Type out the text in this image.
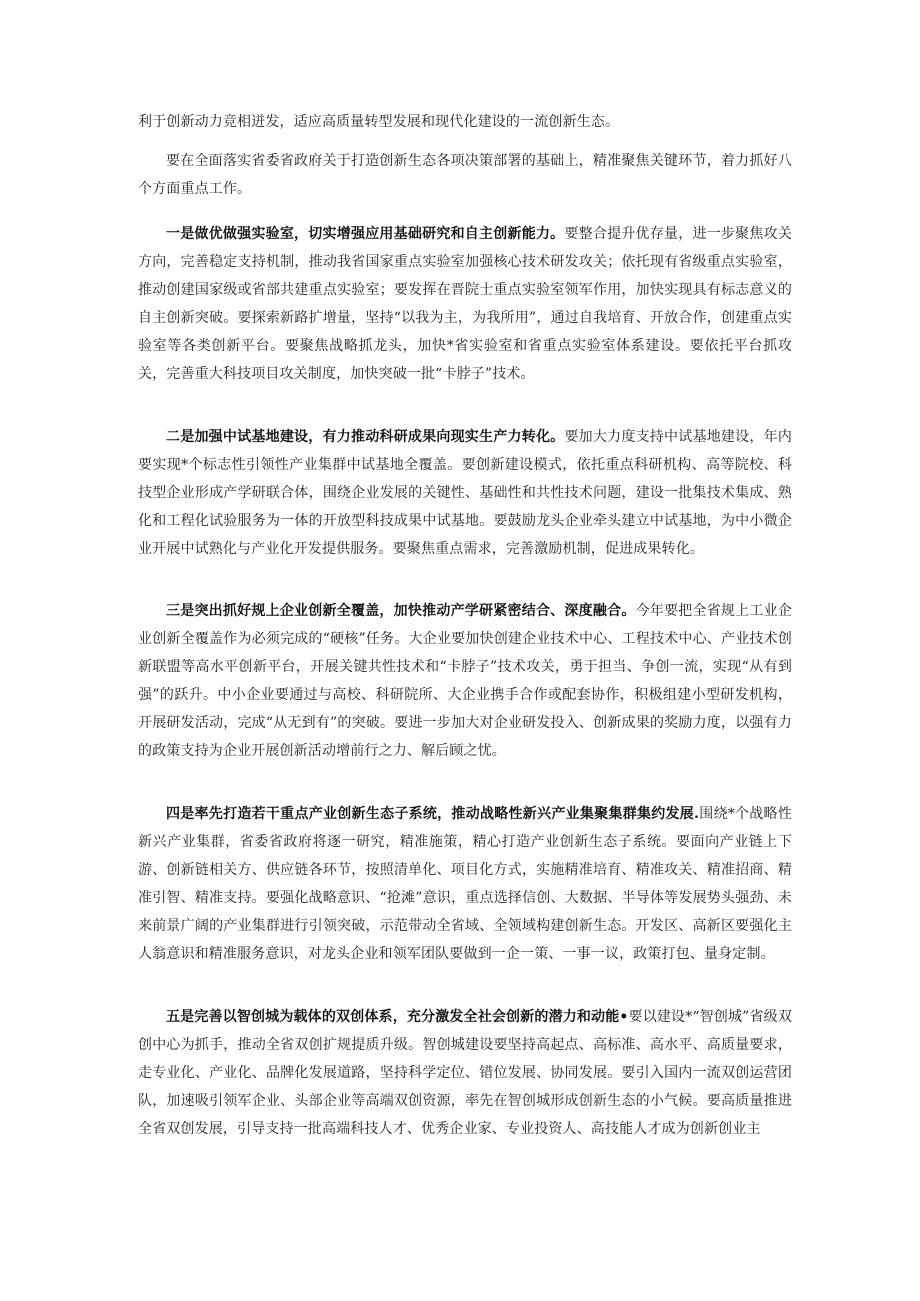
利于创新动力竞相迸发，适应高质量转型发展和现代化建设的一流创新生态。

要在全面落实省委省政府关于打造创新生态各项决策部署的基础上，精准聚焦关键环节，着力抓好八个方面重点工作。

一是做优做强实验室，切实增强应用基础研究和自主创新能力。要整合提升优存量，进一步聚焦攻关方向，完善稳定支持机制，推动我省国家重点实验室加强核心技术研发攻关；依托现有省级重点实验室，推动创建国家级或省部共建重点实验室；要发挥在晋院士重点实验室领军作用，加快实现具有标志意义的自主创新突破。要探索新路扩增量，坚持“以我为主，为我所用”，通过自我培育、开放合作，创建重点实验室等各类创新平台。要聚焦战略抓龙头，加快*省实验室和省重点实验室体系建设。要依托平台抓攻关，完善重大科技项目攻关制度，加快突破一批“卡脖子”技术。

二是加强中试基地建设，有力推动科研成果向现实生产力转化。要加大力度支持中试基地建设，年内要实现*个标志性引领性产业集群中试基地全覆盖。要创新建设模式，依托重点科研机构、高等院校、科技型企业形成产学研联合体，围绕企业发展的关键性、基础性和共性技术问题，建设一批集技术集成、熟化和工程化试验服务为一体的开放型科技成果中试基地。要鼓励龙头企业牵头建立中试基地，为中小微企业开展中试熟化与产业化开发提供服务。要聚焦重点需求，完善激励机制，促进成果转化。

三是突出抓好规上企业创新全覆盖，加快推动产学研紧密结合、深度融合。今年要把全省规上工业企业创新全覆盖作为必须完成的“硬核”任务。大企业要加快创建企业技术中心、工程技术中心、产业技术创新联盟等高水平创新平台，开展关键共性技术和“卡脖子”技术攻关，勇于担当、争创一流，实现“从有到强”的跃升。中小企业要通过与高校、科研院所、大企业携手合作或配套协作，积极组建小型研发机构，开展研发活动，完成“从无到有”的突破。要进一步加大对企业研发投入、创新成果的奖励力度，以强有力的政策支持为企业开展创新活动增前行之力、解后顾之忧。

四是率先打造若干重点产业创新生态子系统，推动战略性新兴产业集聚集群集约发展.围绕*个战略性新兴产业集群，省委省政府将逐一研究，精准施策，精心打造产业创新生态子系统。要面向产业链上下游、创新链相关方、供应链各环节，按照清单化、项目化方式，实施精准培育、精准攻关、精准招商、精准引智、精准支持。要强化战略意识、“抢滩”意识，重点选择信创、大数据、半导体等发展势头强劲、未来前景广阔的产业集群进行引领突破，示范带动全省域、全领域构建创新生态。开发区、高新区要强化主人翁意识和精准服务意识，对龙头企业和领军团队要做到一企一策、一事一议，政策打包、量身定制。

五是完善以智创城为载体的双创体系，充分激发全社会创新的潜力和动能•要以建设*“智创城”省级双创中心为抓手，推动全省双创扩规提质升级。智创城建设要坚持高起点、高标准、高水平、高质量要求，走专业化、产业化、品牌化发展道路，坚持科学定位、错位发展、协同发展。要引入国内一流双创运营团队，加速吸引领军企业、头部企业等高端双创资源，率先在智创城形成创新生态的小气候。要高质量推进全省双创发展，引导支持一批高端科技人才、优秀企业家、专业投资人、高技能人才成为创新创业主
